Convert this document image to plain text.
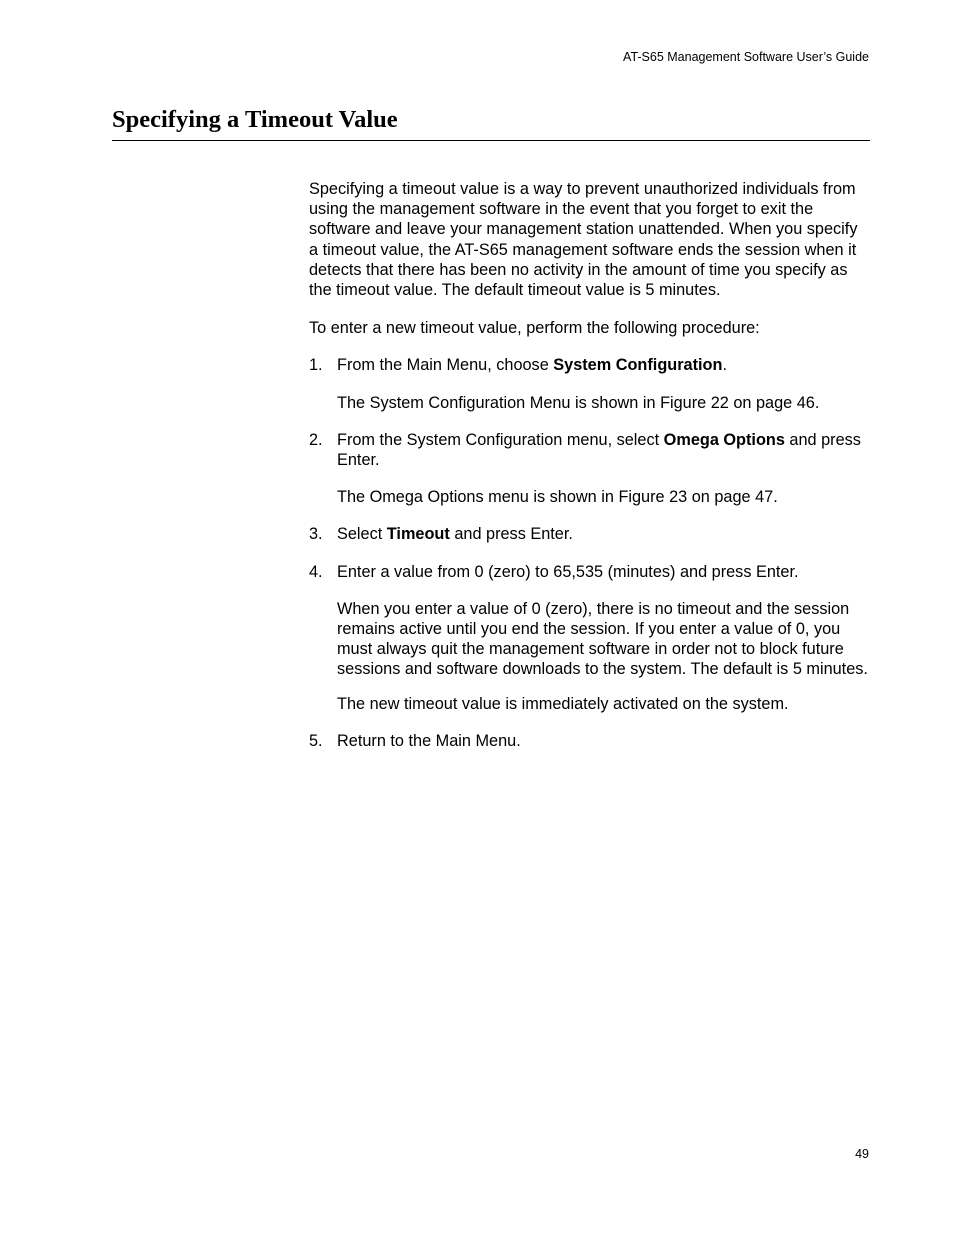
AT-S65 Management Software User’s Guide
Specifying a Timeout Value

Specifying a timeout value is a way to prevent unauthorized individuals from using the management software in the event that you forget to exit the software and leave your management station unattended. When you specify a timeout value, the AT-S65 management software ends the session when it detects that there has been no activity in the amount of time you specify as the timeout value. The default timeout value is 5 minutes.

To enter a new timeout value, perform the following procedure:

1. From the Main Menu, choose System Configuration.

The System Configuration Menu is shown in Figure 22 on page 46.

2. From the System Configuration menu, select Omega Options and press Enter.

The Omega Options menu is shown in Figure 23 on page 47.

3. Select Timeout and press Enter.

4. Enter a value from 0 (zero) to 65,535 (minutes) and press Enter.

When you enter a value of 0 (zero), there is no timeout and the session remains active until you end the session. If you enter a value of 0, you must always quit the management software in order not to block future sessions and software downloads to the system. The default is 5 minutes.

The new timeout value is immediately activated on the system.

5. Return to the Main Menu.

49
